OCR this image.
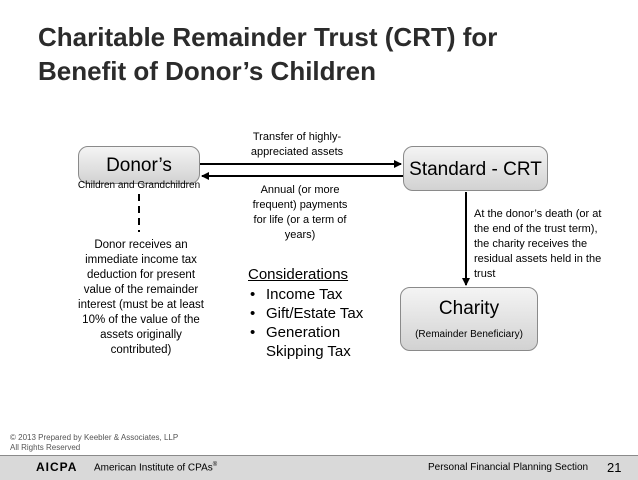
Charitable Remainder Trust (CRT) for
Benefit of Donor’s Children
Donor’s
Children and Grandchildren
Standard - CRT
Charity
(Remainder Beneficiary)
Transfer of highly-
appreciated assets
Annual (or more
frequent) payments
for life (or a term of
years)
Donor receives an
immediate income tax
deduction for present
value of the remainder
interest (must be at least
10% of the value of the
assets originally
contributed)
At the donor’s death (or at
the end of the trust term),
the charity receives the
residual assets held in the
trust
Considerations
• Income Tax
• Gift/Estate Tax
• Generation
Skipping Tax
© 2013 Prepared by Keebler & Associates, LLP
All Rights Reserved
AICPA	American Institute of CPAs®	Personal Financial Planning Section 21
